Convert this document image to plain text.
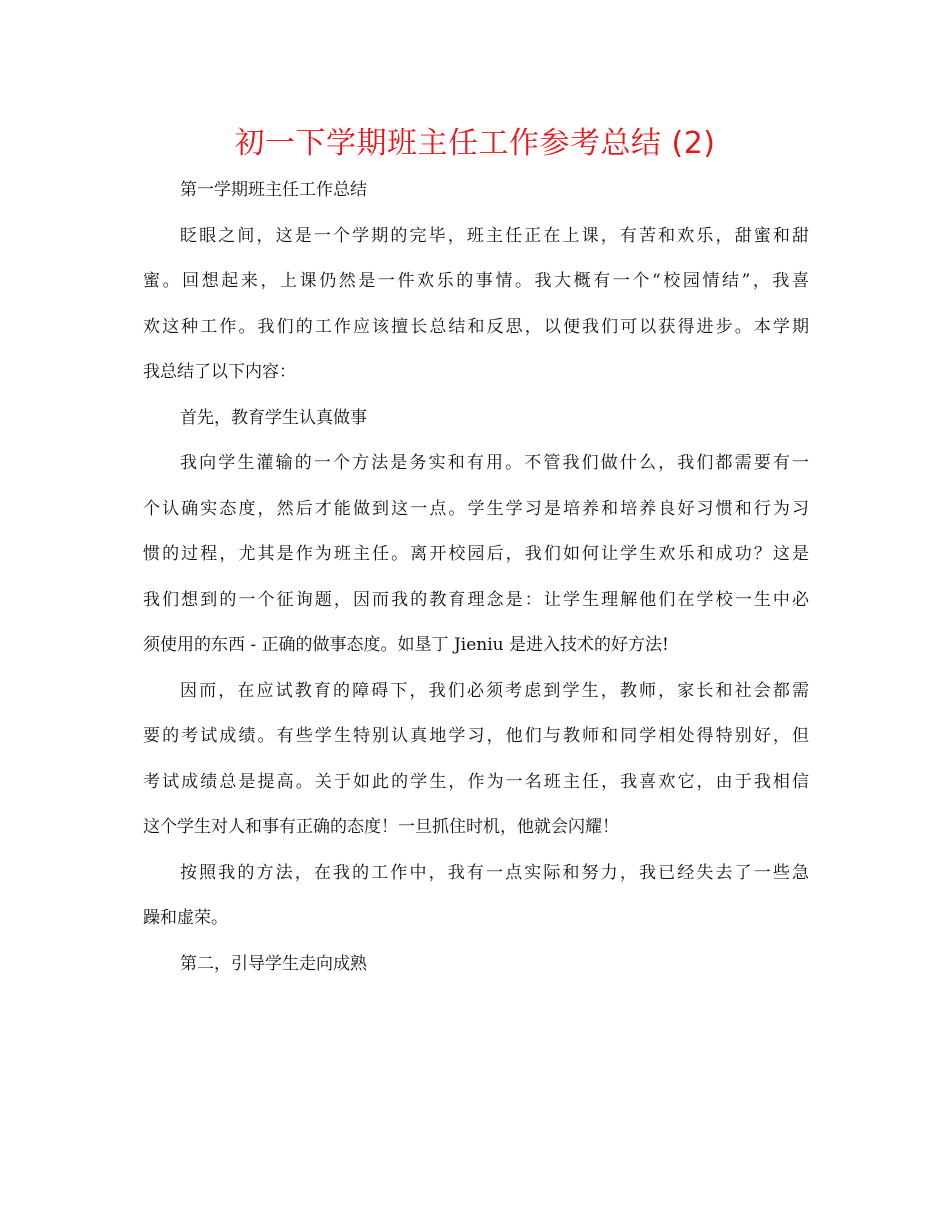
初一下学期班主任工作参考总结 (2)
第一学期班主任工作总结
眨眼之间，这是一个学期的完毕，班主任正在上课，有苦和欢乐，甜蜜和甜
蜜。回想起来，上课仍然是一件欢乐的事情。我大概有一个“校园情结”，我喜
欢这种工作。我们的工作应该擅长总结和反思，以便我们可以获得进步。本学期
我总结了以下内容：
首先，教育学生认真做事
我向学生灌输的一个方法是务实和有用。不管我们做什么，我们都需要有一
个认确实态度，然后才能做到这一点。学生学习是培养和培养良好习惯和行为习
惯的过程，尤其是作为班主任。离开校园后，我们如何让学生欢乐和成功？这是
我们想到的一个征询题，因而我的教育理念是：让学生理解他们在学校一生中必
须使用的东西 - 正确的做事态度。如垦丁 Jieniu 是进入技术的好方法!
因而，在应试教育的障碍下，我们必须考虑到学生，教师，家长和社会都需
要的考试成绩。有些学生特别认真地学习，他们与教师和同学相处得特别好，但
考试成绩总是提高。关于如此的学生，作为一名班主任，我喜欢它，由于我相信
这个学生对人和事有正确的态度！一旦抓住时机，他就会闪耀！
按照我的方法，在我的工作中，我有一点实际和努力，我已经失去了一些急
躁和虚荣。
第二，引导学生走向成熟
